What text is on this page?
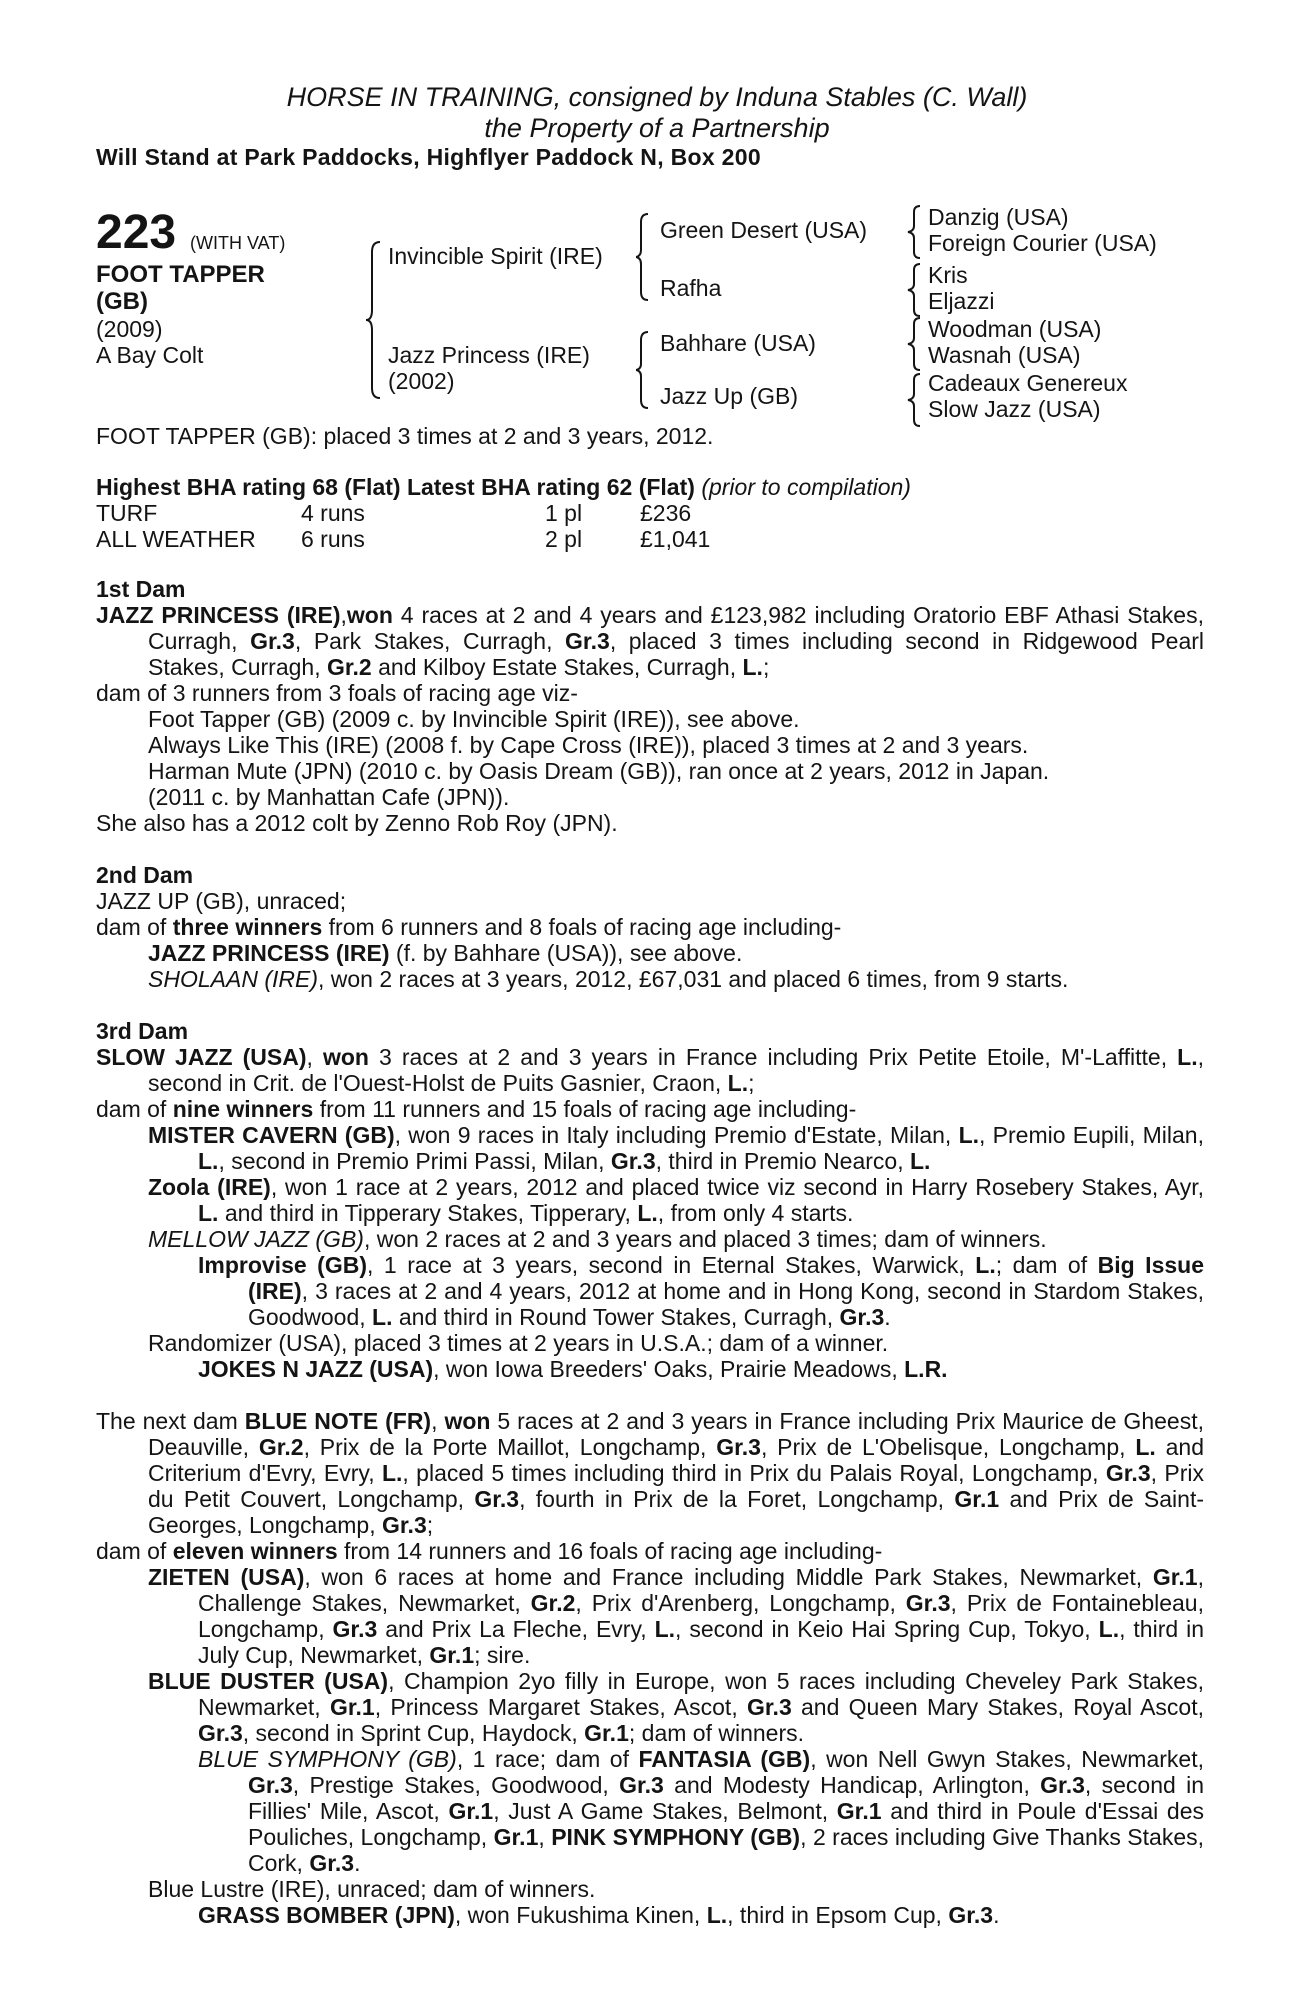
HORSE IN TRAINING, consigned by Induna Stables (C. Wall)
the Property of a Partnership
Will Stand at Park Paddocks, Highflyer Paddock N, Box 200
223 (WITH VAT)
FOOT TAPPER
(GB)
(2009)
A Bay Colt
Invincible Spirit (IRE)
Jazz Princess (IRE)
(2002)
Green Desert (USA)
Rafha
Bahhare (USA)
Jazz Up (GB)
Danzig (USA)
Foreign Courier (USA)
Kris
Eljazzi
Woodman (USA)
Wasnah (USA)
Cadeaux Genereux
Slow Jazz (USA)
FOOT TAPPER (GB): placed 3 times at 2 and 3 years, 2012.
Highest BHA rating 68 (Flat) Latest BHA rating 62 (Flat) (prior to compilation)
TURF	4 runs	1 pl	£236
ALL WEATHER	6 runs	2 pl	£1,041

1st Dam

JAZZ PRINCESS (IRE),won 4 races at 2 and 4 years and £123,982 including Oratorio EBF Athasi Stakes, Curragh, Gr.3, Park Stakes, Curragh, Gr.3, placed 3 times including second in Ridgewood Pearl Stakes, Curragh, Gr.2 and Kilboy Estate Stakes, Curragh, L.;

dam of 3 runners from 3 foals of racing age viz-

Foot Tapper (GB) (2009 c. by Invincible Spirit (IRE)), see above.

Always Like This (IRE) (2008 f. by Cape Cross (IRE)), placed 3 times at 2 and 3 years.

Harman Mute (JPN) (2010 c. by Oasis Dream (GB)), ran once at 2 years, 2012 in Japan.

(2011 c. by Manhattan Cafe (JPN)).

She also has a 2012 colt by Zenno Rob Roy (JPN).

2nd Dam

JAZZ UP (GB), unraced;

dam of three winners from 6 runners and 8 foals of racing age including-

JAZZ PRINCESS (IRE) (f. by Bahhare (USA)), see above.

SHOLAAN (IRE), won 2 races at 3 years, 2012, £67,031 and placed 6 times, from 9 starts.

3rd Dam

SLOW JAZZ (USA), won 3 races at 2 and 3 years in France including Prix Petite Etoile, M'-Laffitte, L., second in Crit. de l'Ouest-Holst de Puits Gasnier, Craon, L.;

dam of nine winners from 11 runners and 15 foals of racing age including-

MISTER CAVERN (GB), won 9 races in Italy including Premio d'Estate, Milan, L., Premio Eupili, Milan, L., second in Premio Primi Passi, Milan, Gr.3, third in Premio Nearco, L.

Zoola (IRE), won 1 race at 2 years, 2012 and placed twice viz second in Harry Rosebery Stakes, Ayr, L. and third in Tipperary Stakes, Tipperary, L., from only 4 starts.

MELLOW JAZZ (GB), won 2 races at 2 and 3 years and placed 3 times; dam of winners.

Improvise (GB), 1 race at 3 years, second in Eternal Stakes, Warwick, L.; dam of Big Issue (IRE), 3 races at 2 and 4 years, 2012 at home and in Hong Kong, second in Stardom Stakes, Goodwood, L. and third in Round Tower Stakes, Curragh, Gr.3.

Randomizer (USA), placed 3 times at 2 years in U.S.A.; dam of a winner.

JOKES N JAZZ (USA), won Iowa Breeders' Oaks, Prairie Meadows, L.R.

The next dam BLUE NOTE (FR), won 5 races at 2 and 3 years in France including Prix Maurice de Gheest, Deauville, Gr.2, Prix de la Porte Maillot, Longchamp, Gr.3, Prix de L'Obelisque, Longchamp, L. and Criterium d'Evry, Evry, L., placed 5 times including third in Prix du Palais Royal, Longchamp, Gr.3, Prix du Petit Couvert, Longchamp, Gr.3, fourth in Prix de la Foret, Longchamp, Gr.1 and Prix de Saint-Georges, Longchamp, Gr.3;

dam of eleven winners from 14 runners and 16 foals of racing age including-

ZIETEN (USA), won 6 races at home and France including Middle Park Stakes, Newmarket, Gr.1, Challenge Stakes, Newmarket, Gr.2, Prix d'Arenberg, Longchamp, Gr.3, Prix de Fontainebleau, Longchamp, Gr.3 and Prix La Fleche, Evry, L., second in Keio Hai Spring Cup, Tokyo, L., third in July Cup, Newmarket, Gr.1; sire.

BLUE DUSTER (USA), Champion 2yo filly in Europe, won 5 races including Cheveley Park Stakes, Newmarket, Gr.1, Princess Margaret Stakes, Ascot, Gr.3 and Queen Mary Stakes, Royal Ascot, Gr.3, second in Sprint Cup, Haydock, Gr.1; dam of winners.

BLUE SYMPHONY (GB), 1 race; dam of FANTASIA (GB), won Nell Gwyn Stakes, Newmarket, Gr.3, Prestige Stakes, Goodwood, Gr.3 and Modesty Handicap, Arlington, Gr.3, second in Fillies' Mile, Ascot, Gr.1, Just A Game Stakes, Belmont, Gr.1 and third in Poule d'Essai des Pouliches, Longchamp, Gr.1, PINK SYMPHONY (GB), 2 races including Give Thanks Stakes, Cork, Gr.3.

Blue Lustre (IRE), unraced; dam of winners.

GRASS BOMBER (JPN), won Fukushima Kinen, L., third in Epsom Cup, Gr.3.
